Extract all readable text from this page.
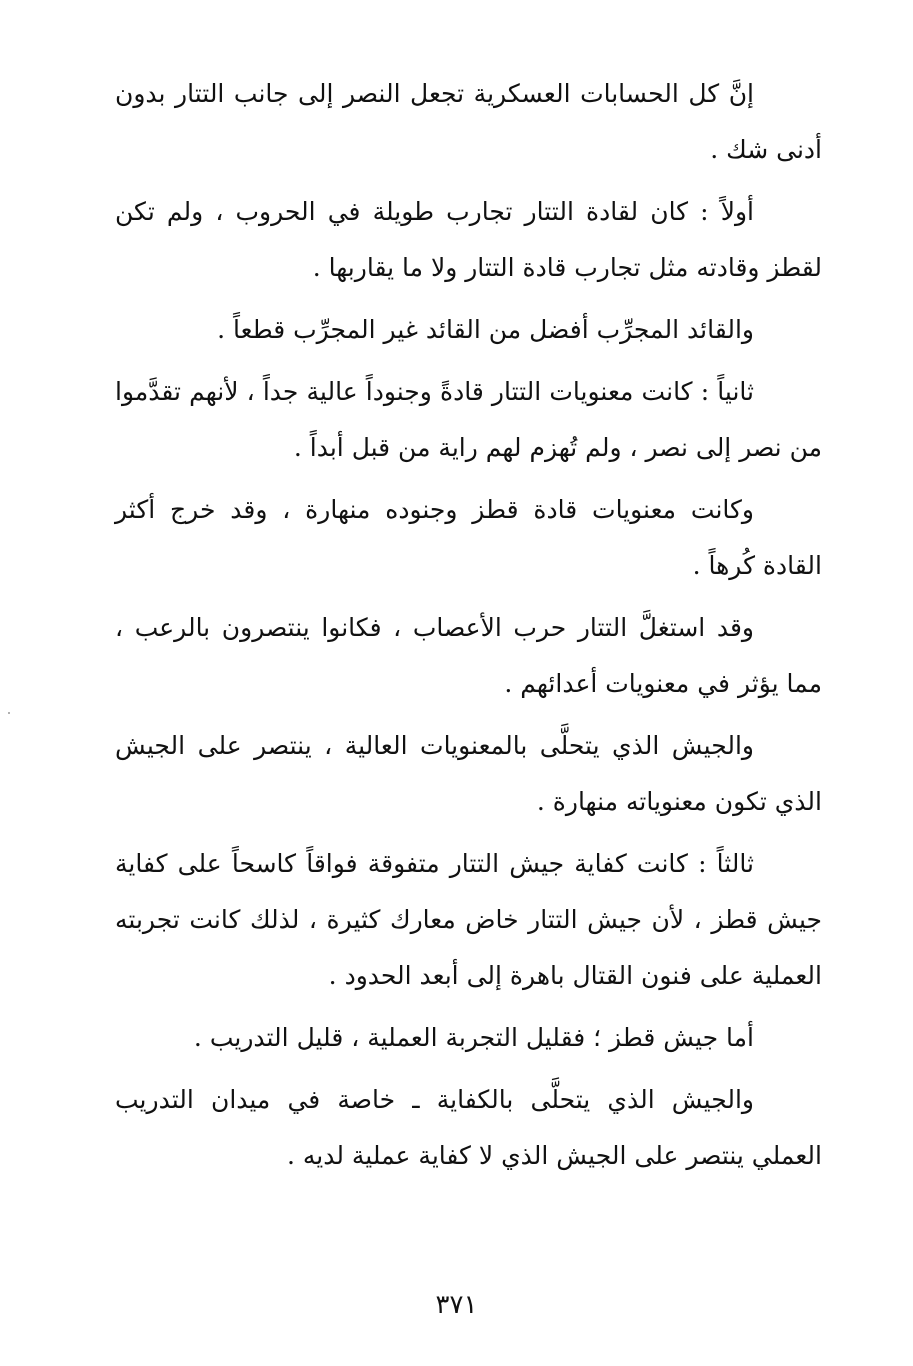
إنَّ كل الحسابات العسكرية تجعل النصر إلى جانب التتار بدون أدنى شك .

أولاً : كان لقادة التتار تجارب طويلة في الحروب ، ولم تكن لقطز وقادته مثل تجارب قادة التتار ولا ما يقاربها .

والقائد المجرِّب أفضل من القائد غير المجرِّب قطعاً .

ثانياً : كانت معنويات التتار قادةً وجنوداً عالية جداً ، لأنهم تقدَّموا من نصر إلى نصر ، ولم تُهزم لهم راية من قبل أبداً .

وكانت معنويات قادة قطز وجنوده منهارة ، وقد خرج أكثر القادة كُرهاً .

وقد استغلَّ التتار حرب الأعصاب ، فكانوا ينتصرون بالرعب ، مما يؤثر في معنويات أعدائهم .

والجيش الذي يتحلَّى بالمعنويات العالية ، ينتصر على الجيش الذي تكون معنوياته منهارة .

ثالثاً : كانت كفاية جيش التتار متفوقة فواقاً كاسحاً على كفاية جيش قطز ، لأن جيش التتار خاض معارك كثيرة ، لذلك كانت تجربته العملية على فنون القتال باهرة إلى أبعد الحدود .

أما جيش قطز ؛ فقليل التجربة العملية ، قليل التدريب .

والجيش الذي يتحلَّى بالكفاية ـ خاصة في ميدان التدريب العملي ينتصر على الجيش الذي لا كفاية عملية لديه .

٣٧١
